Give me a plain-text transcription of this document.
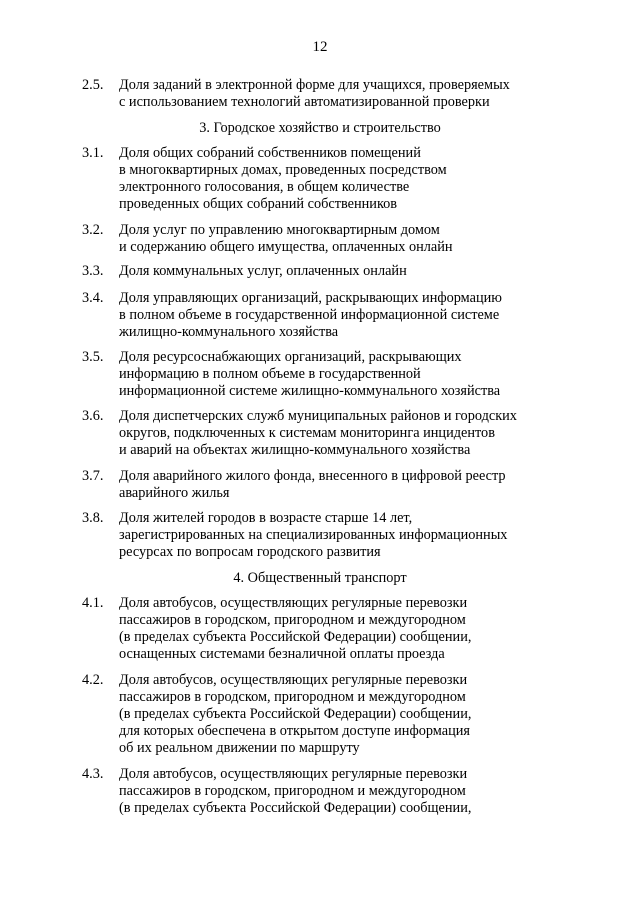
12
2.5. Доля заданий в электронной форме для учащихся, проверяемых
с использованием технологий автоматизированной проверки
3. Городское хозяйство и строительство
3.1. Доля общих собраний собственников помещений
в многоквартирных домах, проведенных посредством
электронного голосования, в общем количестве
проведенных общих собраний собственников
3.2. Доля услуг по управлению многоквартирным домом
и содержанию общего имущества, оплаченных онлайн
3.3. Доля коммунальных услуг, оплаченных онлайн
3.4. Доля управляющих организаций, раскрывающих информацию
в полном объеме в государственной информационной системе
жилищно-коммунального хозяйства
3.5. Доля ресурсоснабжающих организаций, раскрывающих
информацию в полном объеме в государственной
информационной системе жилищно-коммунального хозяйства
3.6. Доля диспетчерских служб муниципальных районов и городских
округов, подключенных к системам мониторинга инцидентов
и аварий на объектах жилищно-коммунального хозяйства
3.7. Доля аварийного жилого фонда, внесенного в цифровой реестр
аварийного жилья
3.8. Доля жителей городов в возрасте старше 14 лет,
зарегистрированных на специализированных информационных
ресурсах по вопросам городского развития
4. Общественный транспорт
4.1. Доля автобусов, осуществляющих регулярные перевозки
пассажиров в городском, пригородном и междугородном
(в пределах субъекта Российской Федерации) сообщении,
оснащенных системами безналичной оплаты проезда
4.2. Доля автобусов, осуществляющих регулярные перевозки
пассажиров в городском, пригородном и междугородном
(в пределах субъекта Российской Федерации) сообщении,
для которых обеспечена в открытом доступе информация
об их реальном движении по маршруту
4.3. Доля автобусов, осуществляющих регулярные перевозки
пассажиров в городском, пригородном и междугородном
(в пределах субъекта Российской Федерации) сообщении,
